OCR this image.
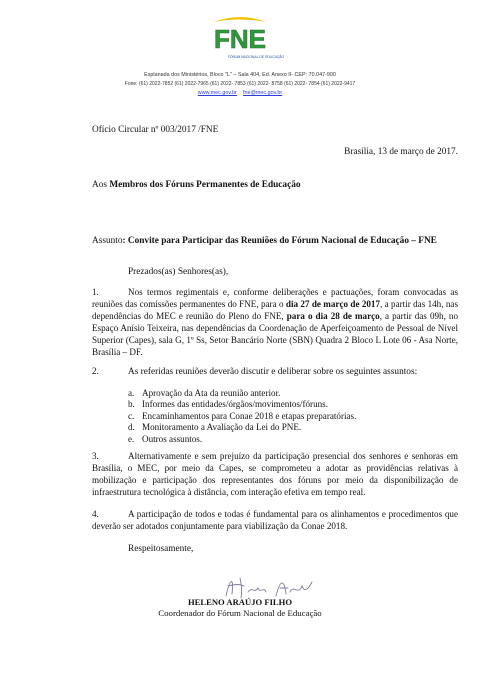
FNE
FÓRUM NACIONAL DE EDUCAÇÃO
Esplanada dos Ministérios, Bloco "L" – Sala 404, Ed. Anexo II- CEP: 70.047-900
Fone: (61) 2022-7852 (61) 2022-7965 (61) 2022- 7853 (61) 2022- 8758 (61) 2022- 7854 (61) 2022-9417
www.mec.gov.br fne@mec.gov.br
Ofício Circular nº 003/2017 /FNE
Brasília, 13 de março de 2017.
Aos Membros dos Fóruns Permanentes de Educação
Assunto: Convite para Participar das Reuniões do Fórum Nacional de Educação – FNE
Prezados(as) Senhores(as),
1.	Nos termos regimentais e, conforme deliberações e pactuações, foram convocadas as reuniões das comissões permanentes do FNE, para o dia 27 de março de 2017, a partir das 14h, nas dependências do MEC e reunião do Pleno do FNE, para o dia 28 de março, a partir das 09h, no Espaço Anísio Teixeira, nas dependências da Coordenação de Aperfeiçoamento de Pessoal de Nível Superior (Capes), sala G, 1º Ss, Setor Bancário Norte (SBN) Quadra 2 Bloco L Lote 06 - Asa Norte, Brasília – DF.
2.	As referidas reuniões deverão discutir e deliberar sobre os seguintes assuntos:
a. Aprovação da Ata da reunião anterior.
b. Informes das entidades/órgãos/movimentos/fóruns.
c. Encaminhamentos para Conae 2018 e etapas preparatórias.
d. Monitoramento a Avaliação da Lei do PNE.
e. Outros assuntos.
3.	Alternativamente e sem prejuízo da participação presencial dos senhores e senhoras em Brasília, o MEC, por meio da Capes, se comprometeu a adotar as providências relativas à mobilização e participação dos representantes dos fóruns por meio da disponibilização de infraestrutura tecnológica à distância, com interação efetiva em tempo real.
4.	A participação de todos e todas é fundamental para os alinhamentos e procedimentos que deverão ser adotados conjuntamente para viabilização da Conae 2018.
Respeitosamente,
Heleno Araújo
HELENO ARAÚJO FILHO
Coordenador do Fórum Nacional de Educação
